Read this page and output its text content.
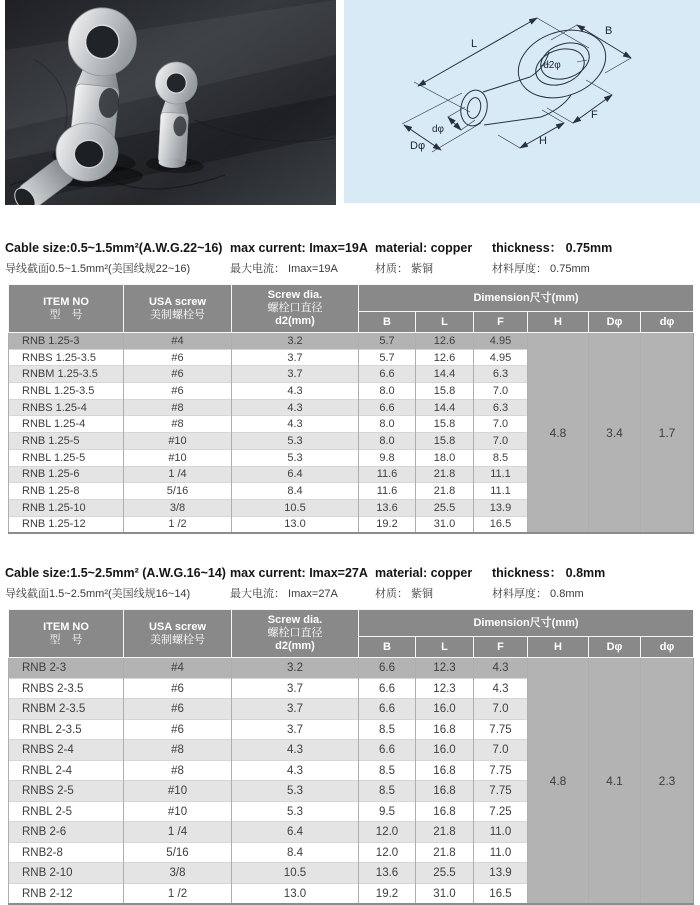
L
B
d2φ
F
H
dφ
Dφ
Cable size:0.5~1.5mm²(A.W.G.22~16) max current: Imax=19A material: copper	thickness： 0.75mm
导线截面0.5~1.5mm²(美国线规22~16)	最大电流： Imax=19A	材质： 紫铜	材料厚度： 0.75mm
ITEM NO
型　号

USA screw
美制螺栓号

Screw dia.
螺栓口直径
d2(mm)
	Dimension尺寸(mm)
			B	L	F	H	Dφ	dφ
RNB 1.25-3	#4	3.2	5.7	12.6	4.95	4.8	3.4	1.7
RNBS 1.25-3.5	#6	3.7	5.7	12.6	4.95			
RNBM 1.25-3.5	#6	3.7	6.6	14.4	6.3			
RNBL 1.25-3.5	#6	4.3	8.0	15.8	7.0			
RNBS 1.25-4	#8	4.3	6.6	14.4	6.3			
RNBL 1.25-4	#8	4.3	8.0	15.8	7.0			
RNB 1.25-5	#10	5.3	8.0	15.8	7.0			
RNBL 1.25-5	#10	5.3	9.8	18.0	8.5			
RNB 1.25-6	1 /4	6.4	11.6	21.8	11.1			
RNB 1.25-8	5/16	8.4	11.6	21.8	11.1			
RNB 1.25-10	3/8	10.5	13.6	25.5	13.9			
RNB 1.25-12	1 /2	13.0	19.2	31.0	16.5			
Cable size:1.5~2.5mm² (A.W.G.16~14) max current: Imax=27A material: copper	thickness： 0.8mm
导线截面1.5~2.5mm²(美国线规16~14)	最大电流： Imax=27A	材质： 紫铜	材料厚度： 0.8mm
ITEM NO
型　号

USA screw
美制螺栓号

Screw dia.
螺栓口直径
d2(mm)
	Dimension尺寸(mm)
			B	L	F	H	Dφ	dφ
RNB 2-3	#4	3.2	6.6	12.3	4.3	4.8	4.1	2.3
RNBS 2-3.5	#6	3.7	6.6	12.3	4.3			
RNBM 2-3.5	#6	3.7	6.6	16.0	7.0			
RNBL 2-3.5	#6	3.7	8.5	16.8	7.75			
RNBS 2-4	#8	4.3	6.6	16.0	7.0			
RNBL 2-4	#8	4.3	8.5	16.8	7.75			
RNBS 2-5	#10	5.3	8.5	16.8	7.75			
RNBL 2-5	#10	5.3	9.5	16.8	7.25			
RNB 2-6	1 /4	6.4	12.0	21.8	11.0			
RNB2-8	5/16	8.4	12.0	21.8	11.0			
RNB 2-10	3/8	10.5	13.6	25.5	13.9			
RNB 2-12	1 /2	13.0	19.2	31.0	16.5			
